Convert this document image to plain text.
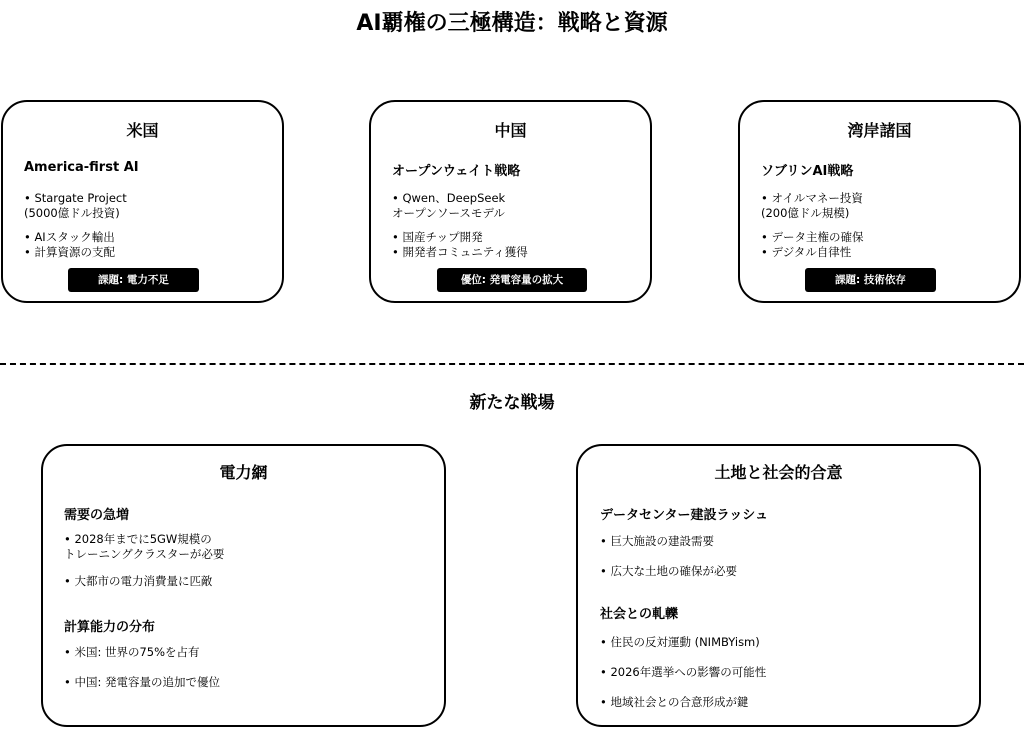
AI覇権の三極構造：戦略と資源
米国
America-first AI
• Stargate Project
(5000億ドル投資)
• AIスタック輸出
• 計算資源の支配
課題: 電力不足
中国
オープンウェイト戦略
• Qwen、DeepSeek
オープンソースモデル
• 国産チップ開発
• 開発者コミュニティ獲得
優位: 発電容量の拡大
湾岸諸国
ソブリンAI戦略
• オイルマネー投資
(200億ドル規模)
• データ主権の確保
• デジタル自律性
課題: 技術依存
新たな戦場
電力網
需要の急増
• 2028年までに5GW規模の
トレーニングクラスターが必要
• 大都市の電力消費量に匹敵
計算能力の分布
• 米国: 世界の75%を占有
• 中国: 発電容量の追加で優位
土地と社会的合意
データセンター建設ラッシュ
• 巨大施設の建設需要
• 広大な土地の確保が必要
社会との軋轢
• 住民の反対運動 (NIMBYism)
• 2026年選挙への影響の可能性
• 地域社会との合意形成が鍵
